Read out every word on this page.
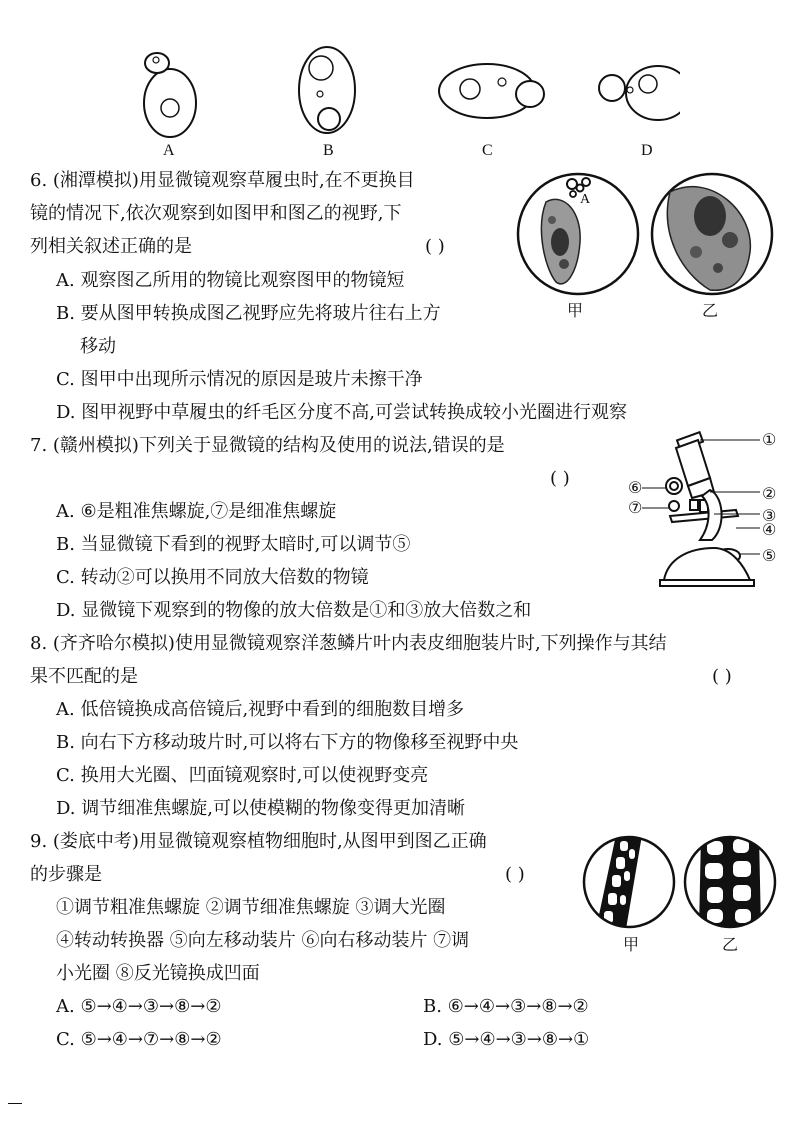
A	B	C	D
6. (湘潭模拟)用显微镜观察草履虫时,在不更换目
镜的情况下,依次观察到如图甲和图乙的视野,下
列相关叙述正确的是	( )
A. 观察图乙所用的物镜比观察图甲的物镜短
B. 要从图甲转换成图乙视野应先将玻片往右上方
移动
C. 图甲中出现所示情况的原因是玻片未擦干净
D. 图甲视野中草履虫的纤毛区分度不高,可尝试转换成较小光圈进行观察
A
甲	乙
7. (赣州模拟)下列关于显微镜的结构及使用的说法,错误的是
( )
A. ⑥是粗准焦螺旋,⑦是细准焦螺旋
B. 当显微镜下看到的视野太暗时,可以调节⑤
C. 转动②可以换用不同放大倍数的物镜
D. 显微镜下观察到的物像的放大倍数是①和③放大倍数之和
①
②
③
④
⑤
⑥
⑦
8. (齐齐哈尔模拟)使用显微镜观察洋葱鳞片叶内表皮细胞装片时,下列操作与其结
果不匹配的是	( )
A. 低倍镜换成高倍镜后,视野中看到的细胞数目增多
B. 向右下方移动玻片时,可以将右下方的物像移至视野中央
C. 换用大光圈、凹面镜观察时,可以使视野变亮
D. 调节细准焦螺旋,可以使模糊的物像变得更加清晰
9. (娄底中考)用显微镜观察植物细胞时,从图甲到图乙正确
的步骤是	( )
①调节粗准焦螺旋 ②调节细准焦螺旋 ③调大光圈
④转动转换器 ⑤向左移动装片 ⑥向右移动装片 ⑦调
小光圈 ⑧反光镜换成凹面
A. ⑤→④→③→⑧→②	B. ⑥→④→③→⑧→②
C. ⑤→④→⑦→⑧→②	D. ⑤→④→③→⑧→①
甲	乙
